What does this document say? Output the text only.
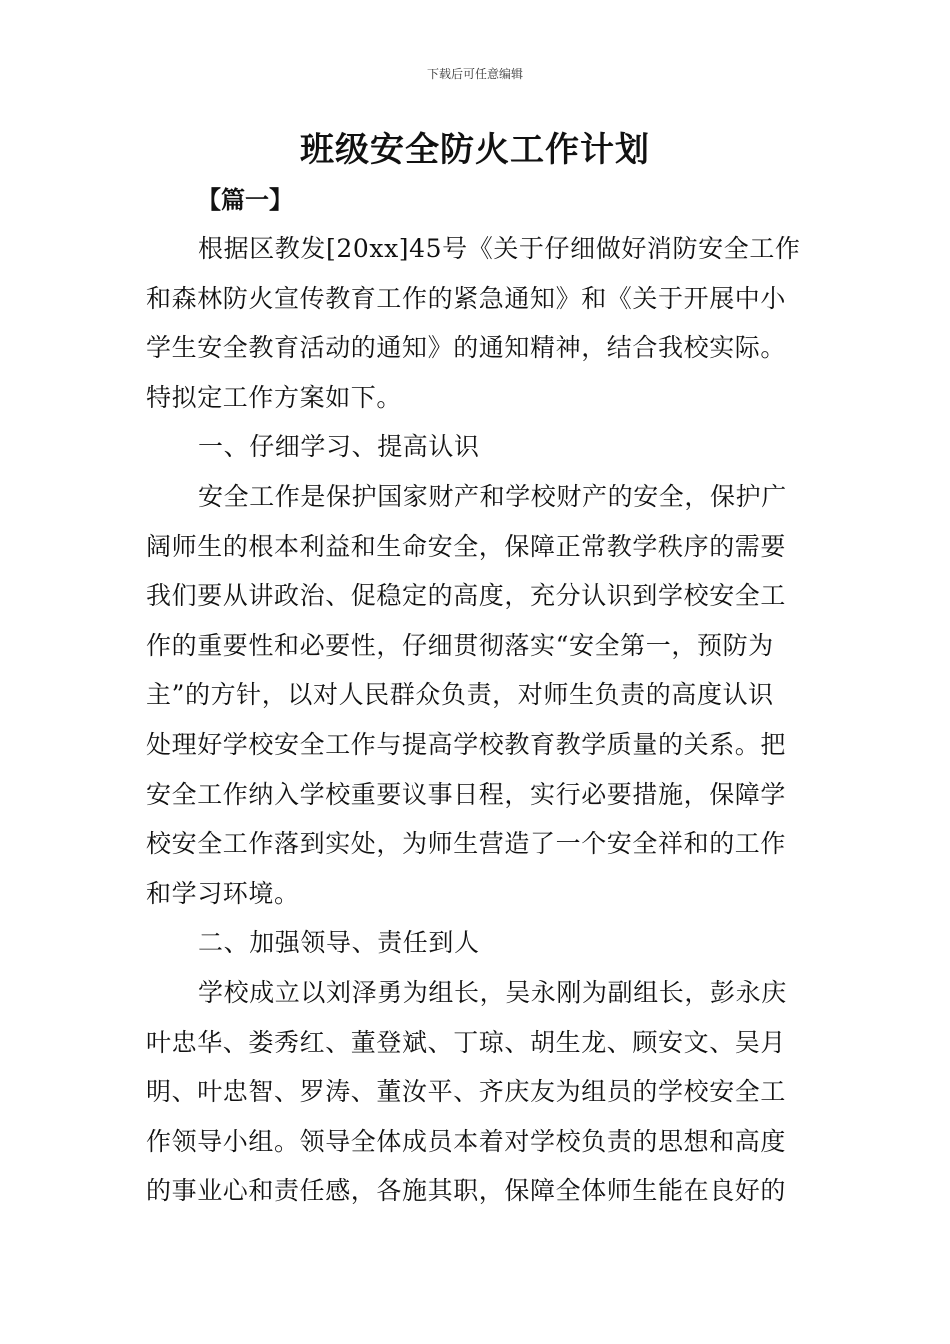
下载后可任意编辑
班级安全防火工作计划
【篇一】
根据区教发[20xx]45号《关于仔细做好消防安全工作
和森林防火宣传教育工作的紧急通知》和《关于开展中小
学生安全教育活动的通知》的通知精神，结合我校实际。
特拟定工作方案如下。
一、仔细学习、提高认识
安全工作是保护国家财产和学校财产的安全，保护广
阔师生的根本利益和生命安全，保障正常教学秩序的需要
我们要从讲政治、促稳定的高度，充分认识到学校安全工
作的重要性和必要性，仔细贯彻落实“安全第一，预防为
主”的方针，以对人民群众负责，对师生负责的高度认识
处理好学校安全工作与提高学校教育教学质量的关系。把
安全工作纳入学校重要议事日程，实行必要措施，保障学
校安全工作落到实处，为师生营造了一个安全祥和的工作
和学习环境。
二、加强领导、责任到人
学校成立以刘泽勇为组长，吴永刚为副组长，彭永庆
叶忠华、娄秀红、董登斌、丁琼、胡生龙、顾安文、吴月
明、叶忠智、罗涛、董汝平、齐庆友为组员的学校安全工
作领导小组。领导全体成员本着对学校负责的思想和高度
的事业心和责任感，各施其职，保障全体师生能在良好的
